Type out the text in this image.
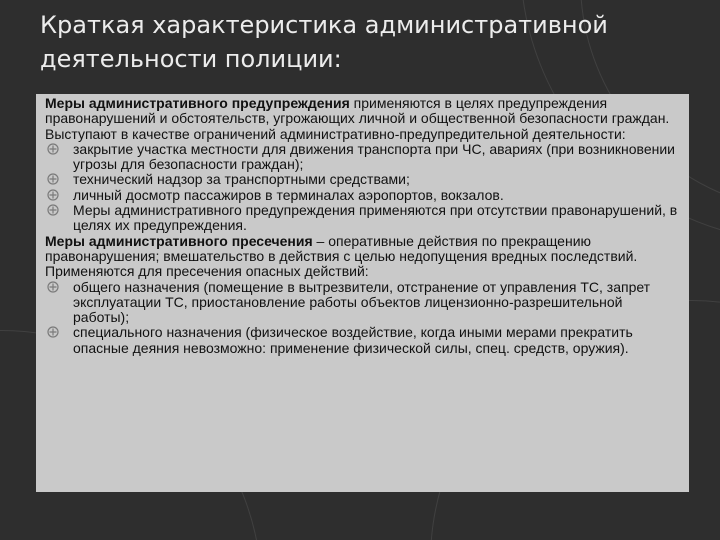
Краткая характеристика административной деятельности полиции:

Меры административного предупреждения применяются в целях предупреждения правонарушений и обстоятельств, угрожающих личной и общественной безопасности граждан. Выступают в качестве ограничений административно-предупредительной деятельности:

закрытие участка местности для движения транспорта при ЧС, авариях (при возникновении угрозы для безопасности граждан);
технический надзор за транспортными средствами;
личный досмотр пассажиров в терминалах аэропортов, вокзалов.
Меры административного предупреждения применяются при отсутствии правонарушений, в целях их предупреждения.

Меры административного пресечения – оперативные действия по прекращению правонарушения; вмешательство в действия с целью недопущения вредных последствий. Применяются для пресечения опасных действий:

общего назначения (помещение в вытрезвители, отстранение от управления ТС, запрет эксплуатации ТС, приостановление работы объектов лицензионно-разрешительной работы);
специального назначения (физическое воздействие, когда иными мерами прекратить опасные деяния невозможно: применение физической силы, спец. средств, оружия).
